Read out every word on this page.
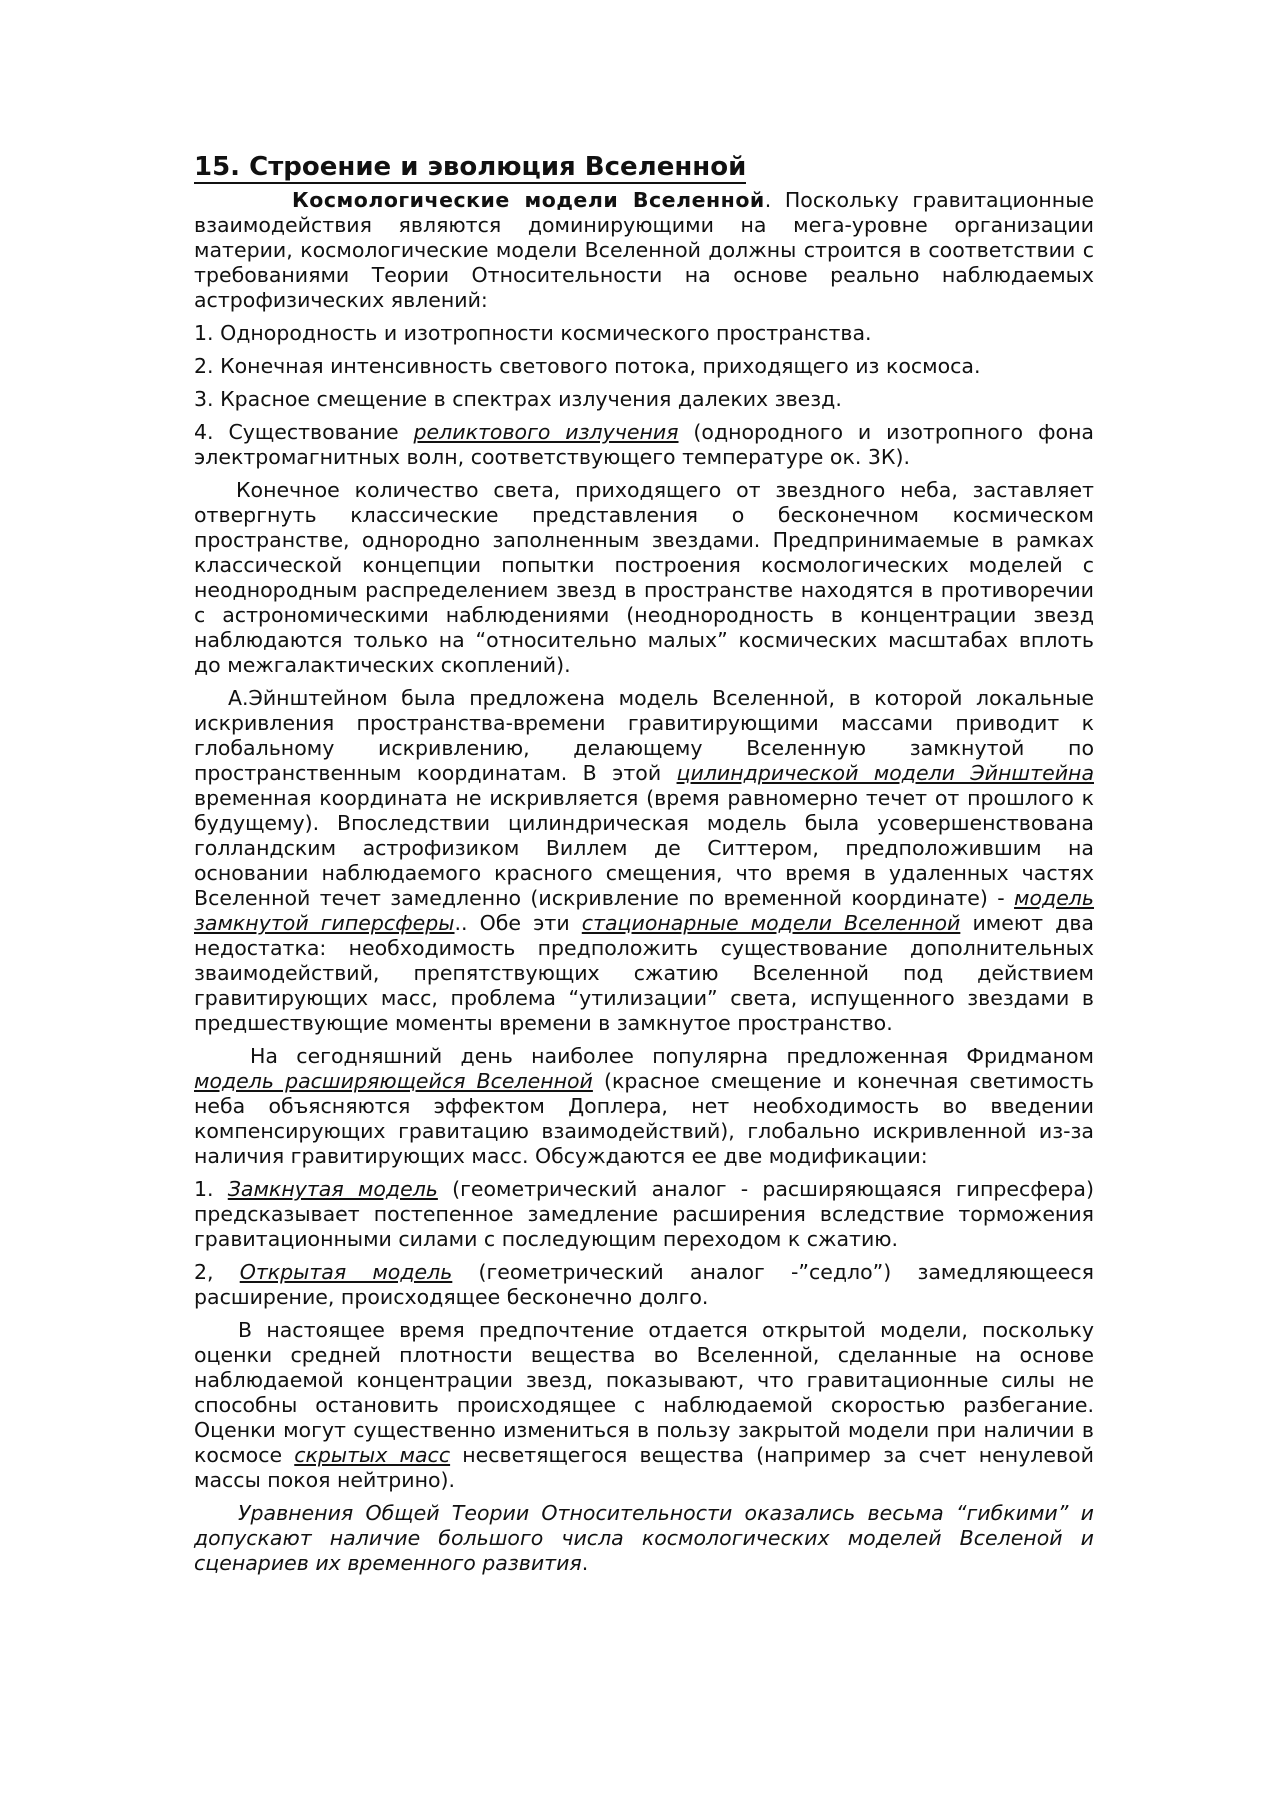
15. Строение и эволюция Вселенной

Космологические модели Вселенной. Поскольку гравитационные взаимодействия являются доминирующими на мега-уровне организации материи, космологические модели Вселенной должны строится в соответствии с требованиями Теории Относительности на основе реально наблюдаемых астрофизических явлений:

1. Однородность и изотропности космического пространства.

2. Конечная интенсивность светового потока, приходящего из космоса.

3. Красное смещение в спектрах излучения далеких звезд.

4. Существование реликтового излучения (однородного и изотропного фона электромагнитных волн, соответствующего температуре ок. 3К).

Конечное количество света, приходящего от звездного неба, заставляет отвергнуть классические представления о бесконечном космическом пространстве, однородно заполненным звездами. Предпринимаемые в рамках классической концепции попытки построения космологических моделей с неоднородным распределением звезд в пространстве находятся в противоречии с астрономическими наблюдениями (неоднородность в концентрации звезд наблюдаются только на “относительно малых” космических масштабах вплоть до межгалактических скоплений).

А.Эйнштейном была предложена модель Вселенной, в которой локальные искривления пространства-времени гравитирующими массами приводит к глобальному искривлению, делающему Вселенную замкнутой по пространственным координатам. В этой цилиндрической модели Эйнштейна временная координата не искривляется (время равномерно течет от прошлого к будущему). Впоследствии цилиндрическая модель была усовершенствована голландским астрофизиком Виллем де Ситтером, предположившим на основании наблюдаемого красного смещения, что время в удаленных частях Вселенной течет замедленно (искривление по временной координате) - модель замкнутой гиперсферы.. Обе эти стационарные модели Вселенной имеют два недостатка: необходимость предположить существование дополнительных зваимодействий, препятствующих сжатию Вселенной под действием гравитирующих масс, проблема “утилизации” света, испущенного звездами в предшествующие моменты времени в замкнутое пространство.

На сегодняшний день наиболее популярна предложенная Фридманом модель расширяющейся Вселенной (красное смещение и конечная светимость неба объясняются эффектом Доплера, нет необходимость во введении компенсирующих гравитацию взаимодействий), глобально искривленной из-за наличия гравитирующих масс. Обсуждаются ее две модификации:

1. Замкнутая модель (геометрический аналог - расширяющаяся гипресфера) предсказывает постепенное замедление расширения вследствие торможения гравитационными силами с последующим переходом к сжатию.

2, Открытая модель (геометрический аналог -”седло”) замедляющееся расширение, происходящее бесконечно долго.

В настоящее время предпочтение отдается открытой модели, поскольку оценки средней плотности вещества во Вселенной, сделанные на основе наблюдаемой концентрации звезд, показывают, что гравитационные силы не способны остановить происходящее с наблюдаемой скоростью разбегание. Оценки могут существенно измениться в пользу закрытой модели при наличии в космосе скрытых масс несветящегося вещества (например за счет ненулевой массы покоя нейтрино).

Уравнения Общей Теории Относительности оказались весьма “гибкими” и допускают наличие большого числа космологических моделей Вселеной и сценариев их временного развития.
